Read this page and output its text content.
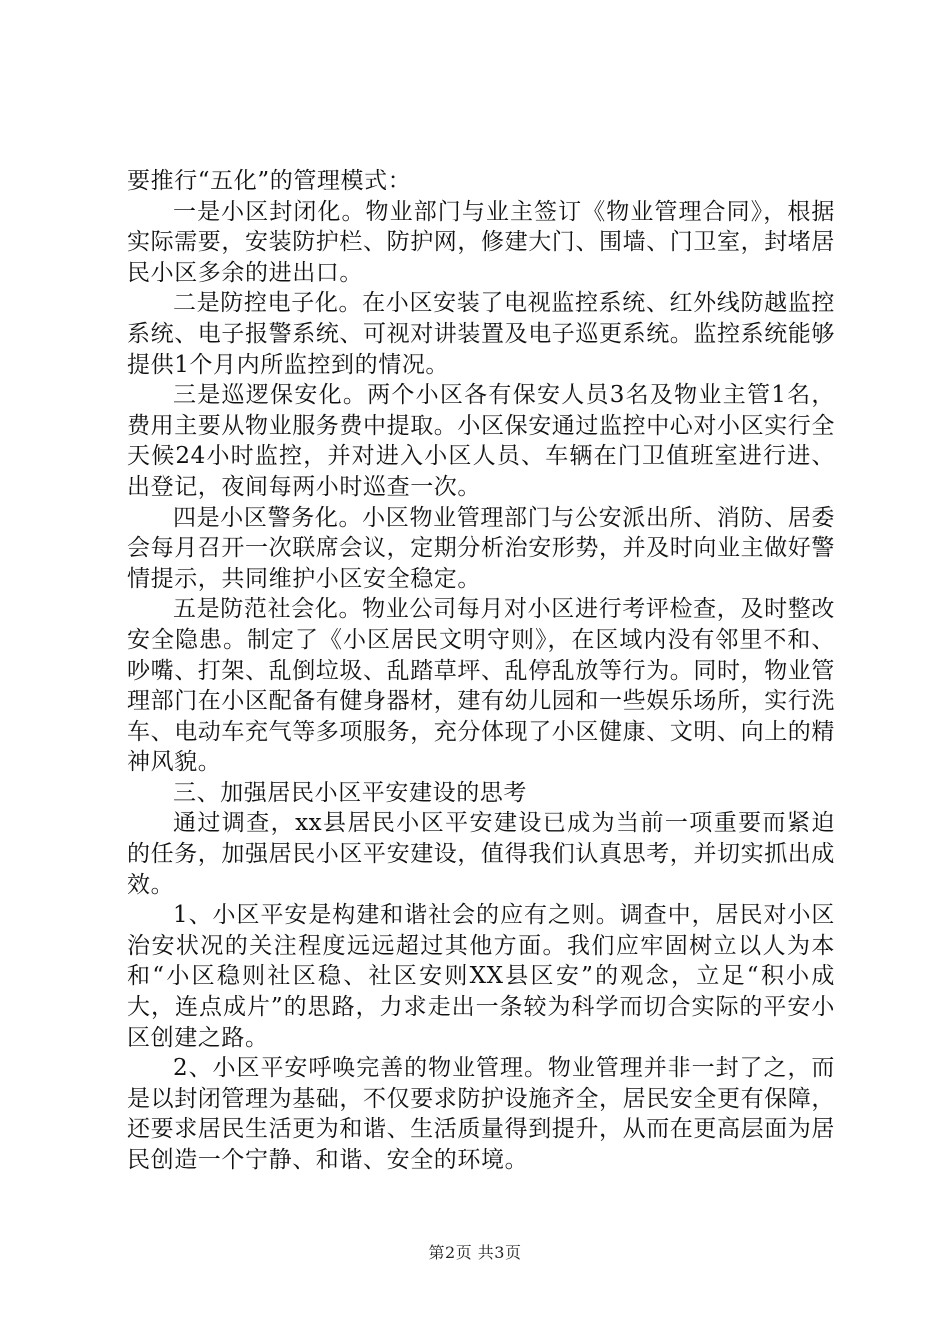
要推行“五化”的管理模式：

一是小区封闭化。物业部门与业主签订《物业管理合同》，根据实际需要，安装防护栏、防护网，修建大门、围墙、门卫室，封堵居民小区多余的进出口。

二是防控电子化。在小区安装了电视监控系统、红外线防越监控系统、电子报警系统、可视对讲装置及电子巡更系统。监控系统能够提供1个月内所监控到的情况。

三是巡逻保安化。两个小区各有保安人员3名及物业主管1名，费用主要从物业服务费中提取。小区保安通过监控中心对小区实行全天候24小时监控，并对进入小区人员、车辆在门卫值班室进行进、出登记，夜间每两小时巡查一次。

四是小区警务化。小区物业管理部门与公安派出所、消防、居委会每月召开一次联席会议，定期分析治安形势，并及时向业主做好警情提示，共同维护小区安全稳定。

五是防范社会化。物业公司每月对小区进行考评检查，及时整改安全隐患。制定了《小区居民文明守则》，在区域内没有邻里不和、吵嘴、打架、乱倒垃圾、乱踏草坪、乱停乱放等行为。同时，物业管理部门在小区配备有健身器材，建有幼儿园和一些娱乐场所，实行洗车、电动车充气等多项服务，充分体现了小区健康、文明、向上的精神风貌。

三、加强居民小区平安建设的思考

通过调查，xx县居民小区平安建设已成为当前一项重要而紧迫的任务，加强居民小区平安建设，值得我们认真思考，并切实抓出成效。

1、小区平安是构建和谐社会的应有之则。调查中，居民对小区治安状况的关注程度远远超过其他方面。我们应牢固树立以人为本和“小区稳则社区稳、社区安则XX县区安”的观念，立足“积小成大，连点成片”的思路，力求走出一条较为科学而切合实际的平安小区创建之路。

2、小区平安呼唤完善的物业管理。物业管理并非一封了之，而是以封闭管理为基础，不仅要求防护设施齐全，居民安全更有保障，还要求居民生活更为和谐、生活质量得到提升，从而在更高层面为居民创造一个宁静、和谐、安全的环境。

第2页 共3页
